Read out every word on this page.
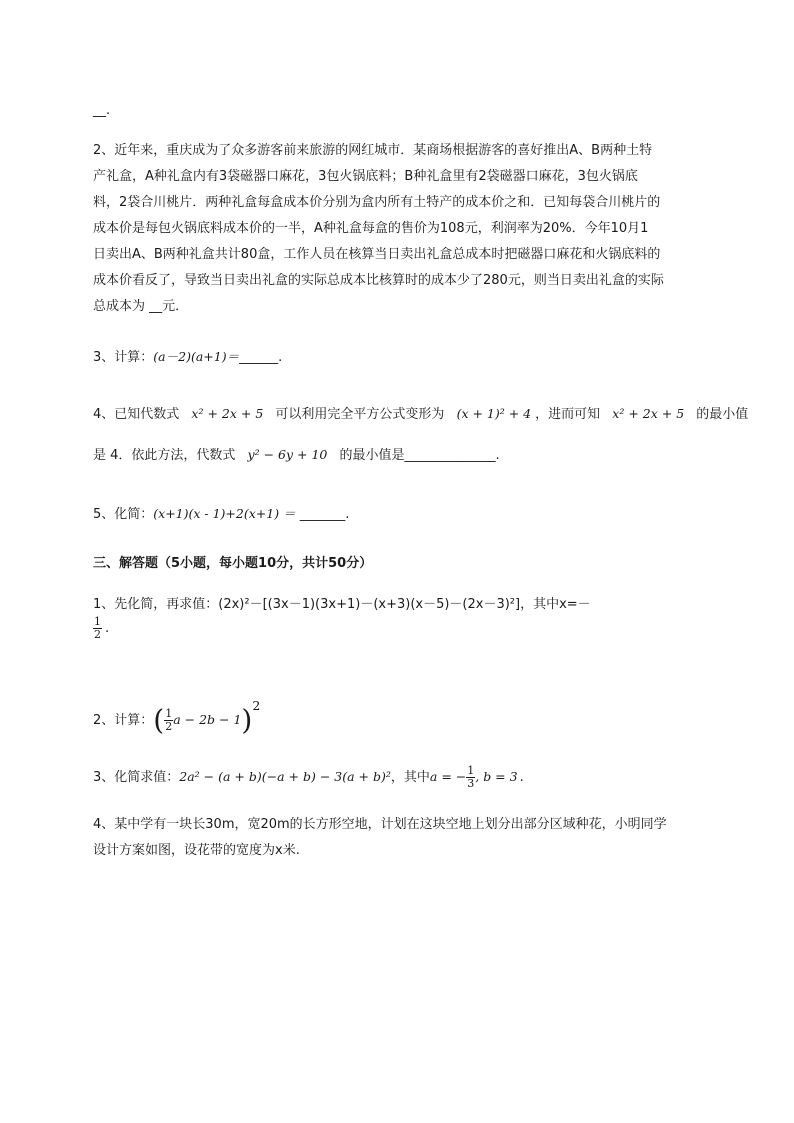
__.
2、近年来，重庆成为了众多游客前来旅游的网红城市．某商场根据游客的喜好推出A、B两种土特
产礼盒，A种礼盒内有3袋磁器口麻花，3包火锅底料；B种礼盒里有2袋磁器口麻花，3包火锅底
料，2袋合川桃片．两种礼盒每盒成本价分别为盒内所有土特产的成本价之和．已知每袋合川桃片的
成本价是每包火锅底料成本价的一半，A种礼盒每盒的售价为108元，利润率为20%．今年10月1
日卖出A、B两种礼盒共计80盒，工作人员在核算当日卖出礼盒总成本时把磁器口麻花和火锅底料的
成本价看反了，导致当日卖出礼盒的实际总成本比核算时的成本少了280元，则当日卖出礼盒的实际
总成本为 __元．
3、计算：(a－2)(a+1)＝______.
4、已知代数式 x² + 2x + 5 可以利用完全平方公式变形为 (x + 1)² + 4 ，进而可知 x² + 2x + 5 的最小值
是 4．依此方法，代数式 y² − 6y + 10 的最小值是______________.
5、化简：(x+1)(x - 1)+2(x+1) ＝ _______.
三、解答题（5小题，每小题10分，共计50分）
1、先化简，再求值：(2x)²－[(3x－1)(3x+1)－(x+3)(x－5)－(2x－3)²]，其中x=－
$\frac{1}{2}$ .
2、计算：( $\frac{1}{2}$ a − 2b − 1)$^2$
3、化简求值：2a² − (a + b)(−a + b) − 3(a + b)²，其中a = − $\frac{1}{3}$ , b = 3 .
4、某中学有一块长30m，宽20m的长方形空地，计划在这块空地上划分出部分区域种花，小明同学
设计方案如图，设花带的宽度为x米.
